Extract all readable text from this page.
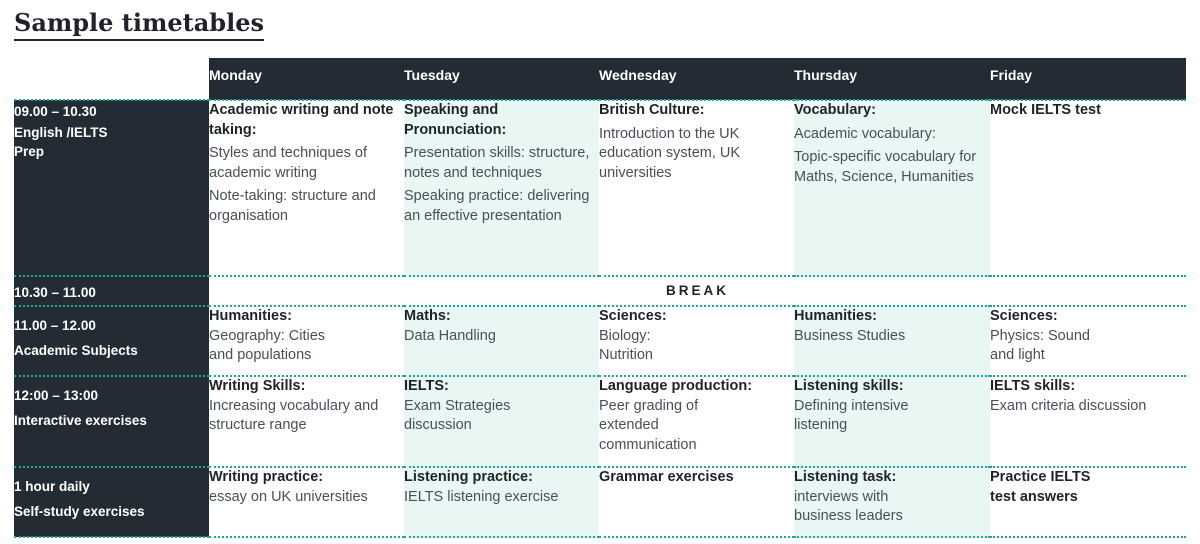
Sample timetables
	Monday	Tuesday	Wednesday	Thursday	Friday

09.00 – 10.30
English /IELTS Prep	Academic writing and note taking:
Styles and techniques of academic writing
Note-taking: structure and organisation	Speaking and Pronunciation:
Presentation skills: structure, notes and techniques
Speaking practice: delivering an effective presentation	British Culture:
Introduction to the UK education system, UK universities	Vocabulary:
Academic vocabulary:
Topic-specific vocabulary for Maths, Science, Humanities	Mock IELTS test

10.30 – 11.00	BREAK				

11.00 – 12.00
Academic Subjects	Humanities:
Geography: Cities and populations	Maths:
Data Handling	Sciences:
Biology: Nutrition	Humanities:
Business Studies	Sciences:
Physics: Sound and light

12:00 – 13:00
Interactive exercises	Writing Skills:
Increasing vocabulary and structure range	IELTS:
Exam Strategies discussion	Language production:
Peer grading of extended communication	Listening skills:
Defining intensive listening	IELTS skills:
Exam criteria discussion

1 hour daily
Self-study exercises	Writing practice:
essay on UK universities	Listening practice:
IELTS listening exercise	Grammar exercises	Listening task:
interviews with business leaders	Practice IELTS test answers
